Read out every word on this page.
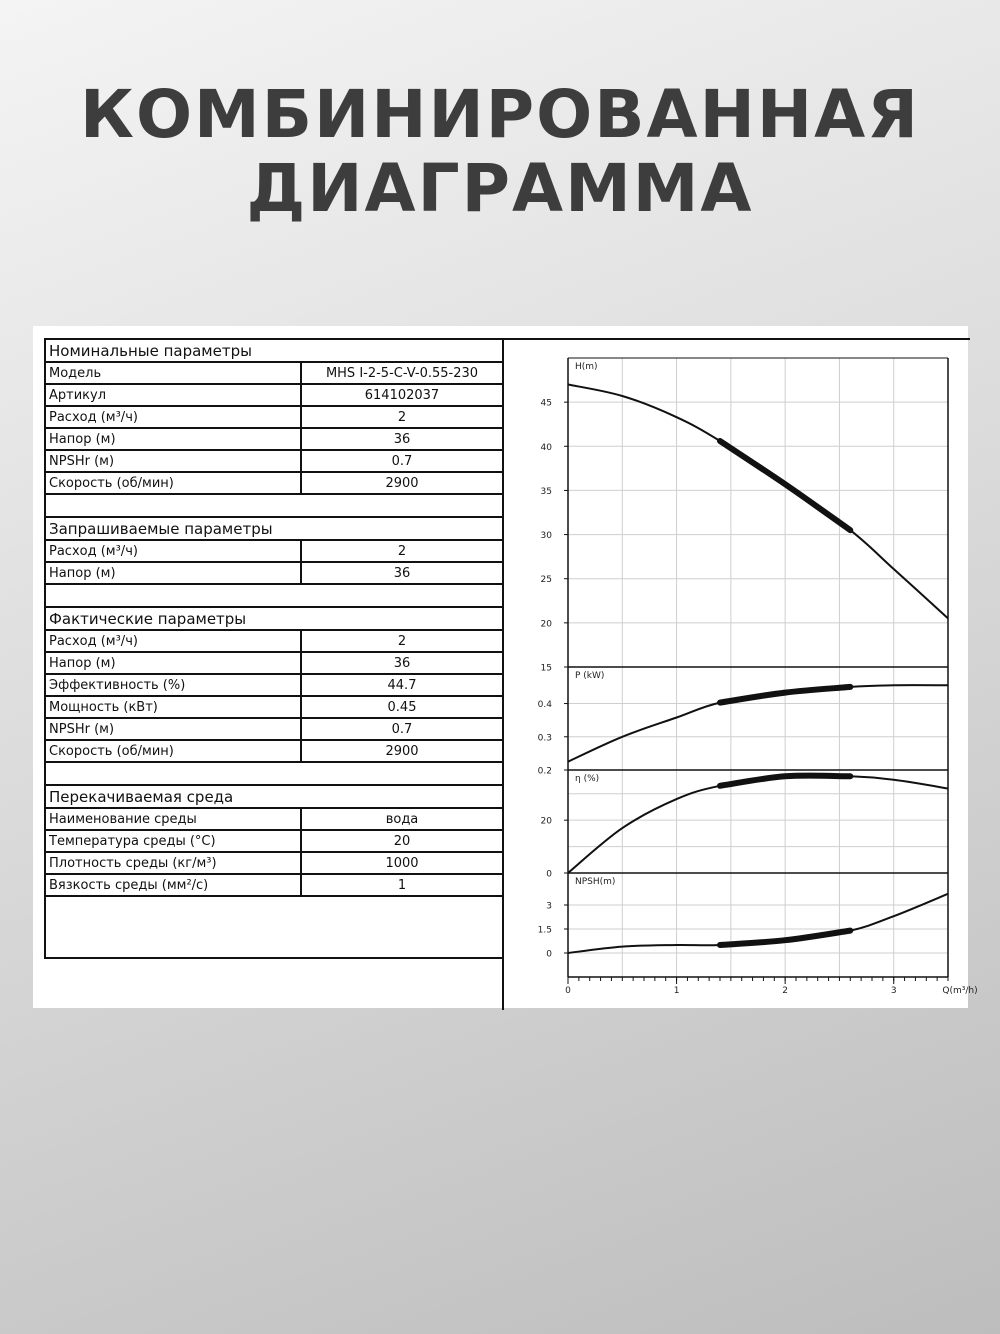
КОМБИНИРОВАННАЯ
ДИАГРАММА
Номинальные параметры	
Модель	MHS I-2-5-C-V-0.55-230
Артикул	614102037
Расход (м³/ч)	2
Напор (м)	36
NPSHr (м)	0.7
Скорость (об/мин)	2900

Запрашиваемые параметры	
Расход (м³/ч)	2
Напор (м)	36

Фактические параметры	
Расход (м³/ч)	2
Напор (м)	36
Эффективность (%)	44.7
Мощность (кВт)	0.45
NPSHr (м)	0.7
Скорость (об/мин)	2900

Перекачиваемая среда	
Наименование среды	вода
Температура среды (°C)	20
Плотность среды (кг/м³)	1000
Вязкость среды (мм²/с)	1

45
40
35
30
25
20
15
H(m)
0.4
0.3
0.2
P (kW)
20
0
η (%)
3
1.5
0
NPSH(m)
0	1	2	3	Q(m³/h)
